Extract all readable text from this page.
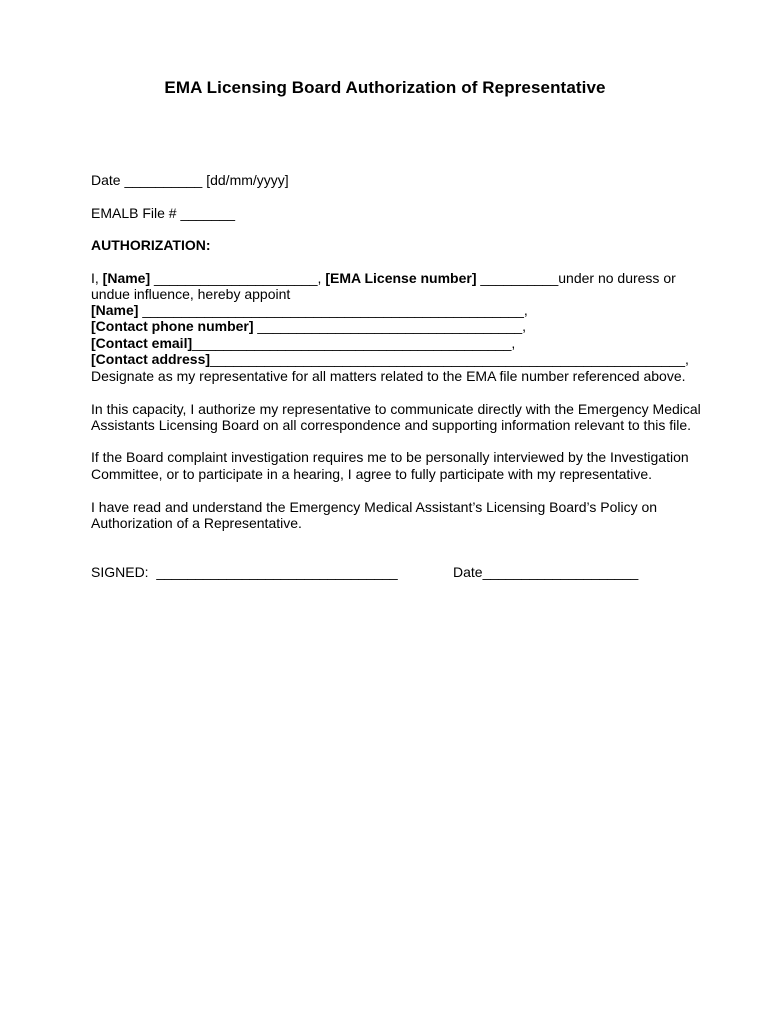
EMA Licensing Board Authorization of Representative
Date __________ [dd/mm/yyyy]
EMALB File # _______
AUTHORIZATION:
I, [Name] _____________________, [EMA License number] __________under no duress or
undue influence, hereby appoint
[Name] _________________________________________________,
[Contact phone number] __________________________________,
[Contact email]_________________________________________,
[Contact address]_____________________________________________________________,
Designate as my representative for all matters related to the EMA file number referenced above.
In this capacity, I authorize my representative to communicate directly with the Emergency Medical
Assistants Licensing Board on all correspondence and supporting information relevant to this file.
If the Board complaint investigation requires me to be personally interviewed by the Investigation
Committee, or to participate in a hearing, I agree to fully participate with my representative.
I have read and understand the Emergency Medical Assistant’s Licensing Board’s Policy on
Authorization of a Representative.
SIGNED:  _______________________________	Date____________________
